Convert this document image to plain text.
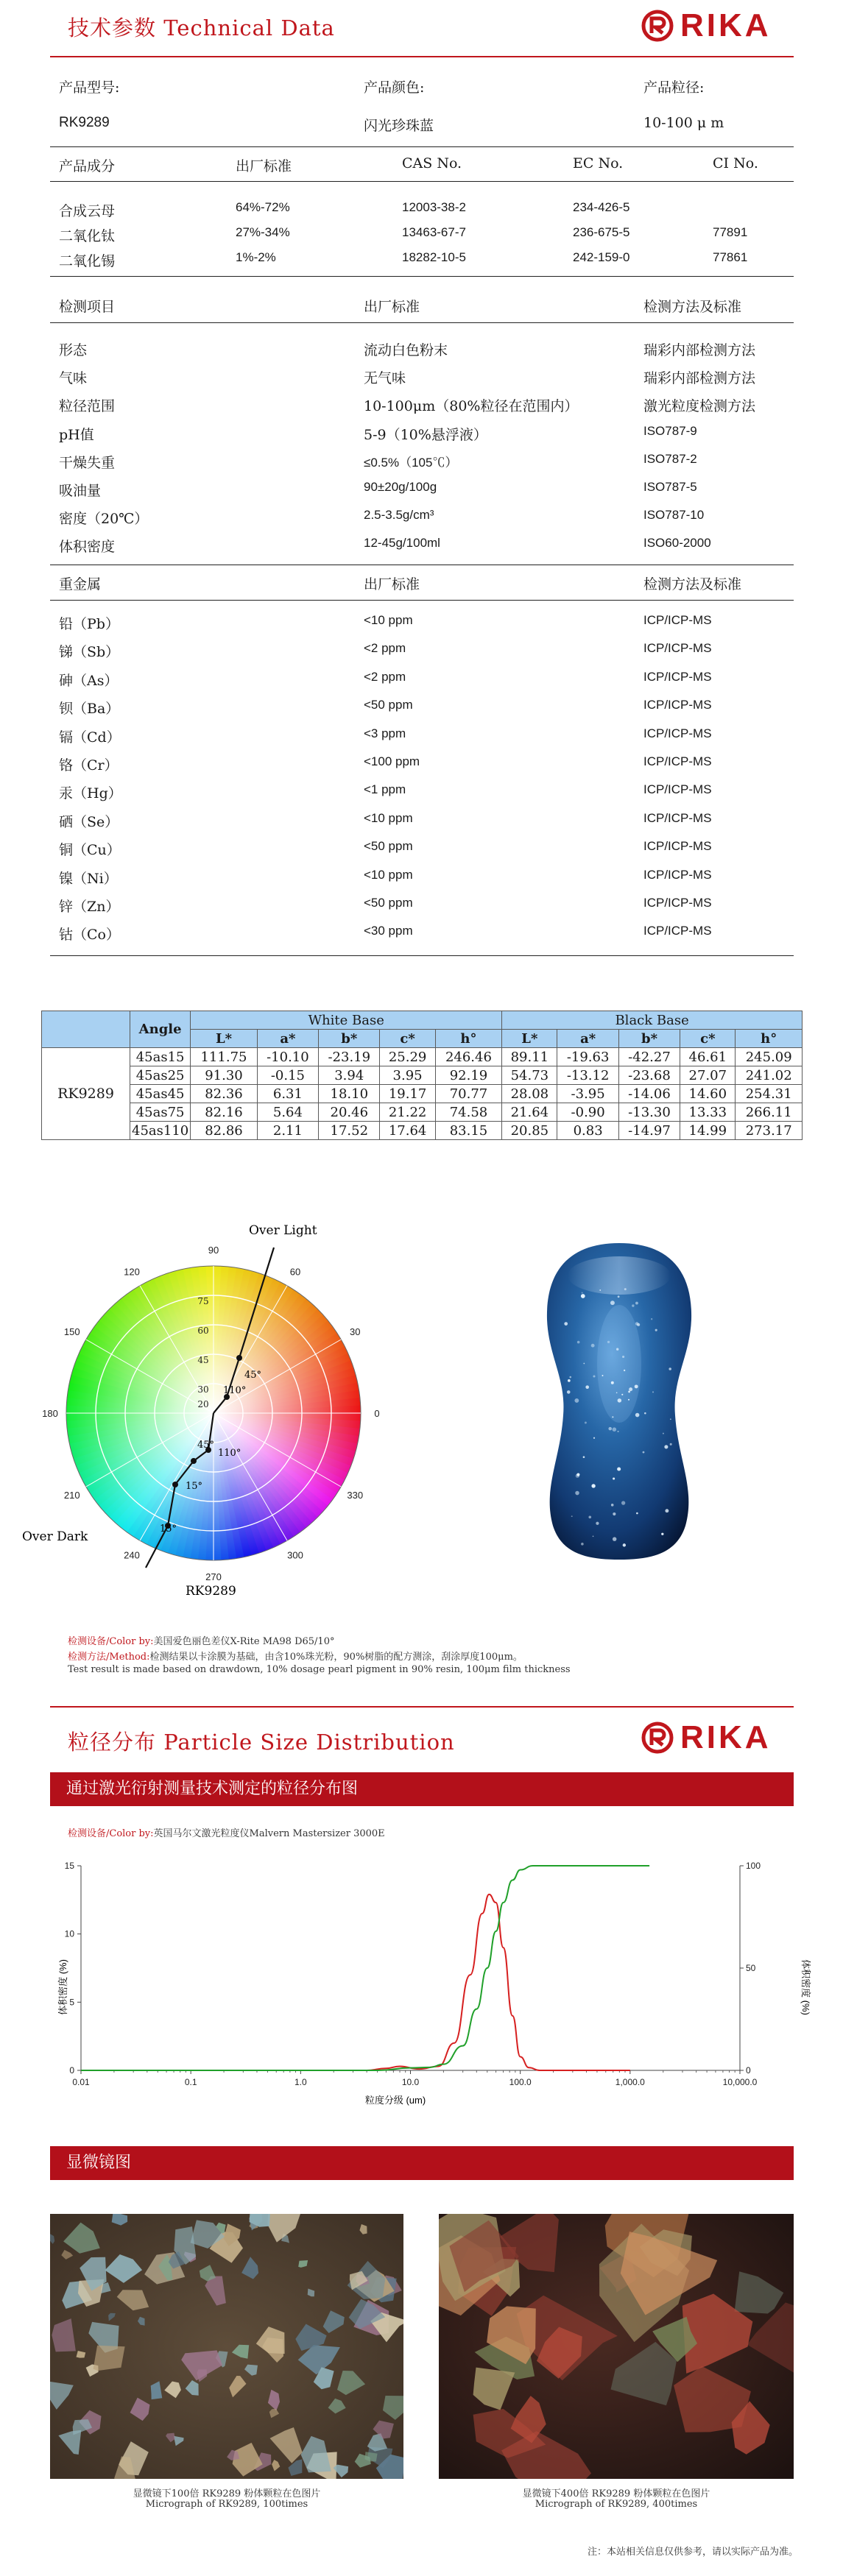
技术参数 Technical Data	RIKA
产品型号:	产品颜色:	产品粒径:
RK9289	闪光珍珠蓝	10-100 μ m
产品成分	出厂标准	CAS No.	EC No.	CI No.
合成云母	64%-72%	12003-38-2	234-426-5
二氧化钛	27%-34%	13463-67-7	236-675-5	77891
二氧化锡	1%-2%	18282-10-5	242-159-0	77861
检测项目	出厂标准	检测方法及标准
形态	流动白色粉末	瑞彩内部检测方法
气味	无气味	瑞彩内部检测方法
粒径范围	10-100μm（80%粒径在范围内）	激光粒度检测方法
pH值	5-9（10%悬浮液）	ISO787-9
干燥失重	≤0.5%（105℃）	ISO787-2
吸油量	90±20g/100g	ISO787-5
密度（20℃）	2.5-3.5g/cm³	ISO787-10
体积密度	12-45g/100ml	ISO60-2000
重金属	出厂标准	检测方法及标准
铅（Pb）	<10 ppm	ICP/ICP-MS
锑（Sb）	<2 ppm	ICP/ICP-MS
砷（As）	<2 ppm	ICP/ICP-MS
钡（Ba）	<50 ppm	ICP/ICP-MS
镉（Cd）	<3 ppm	ICP/ICP-MS
铬（Cr）	<100 ppm	ICP/ICP-MS
汞（Hg）	<1 ppm	ICP/ICP-MS
硒（Se）	<10 ppm	ICP/ICP-MS
铜（Cu）	<50 ppm	ICP/ICP-MS
镍（Ni）	<10 ppm	ICP/ICP-MS
锌（Zn）	<50 ppm	ICP/ICP-MS
钴（Co）	<30 ppm	ICP/ICP-MS
	Angle	White Base					Black Base				
		L*	a*	b*	c*	h°	L*	a*	b*	c*	h°
RK9289	45as15	111.75	-10.10	-23.19	25.29	246.46	89.11	-19.63	-42.27	46.61	245.09
	45as25	91.30	-0.15	3.94	3.95	92.19	54.73	-13.12	-23.68	27.07	241.02
	45as45	82.36	6.31	18.10	19.17	70.77	28.08	-3.95	-14.06	14.60	254.31
	45as75	82.16	5.64	20.46	21.22	74.58	21.64	-0.90	-13.30	13.33	266.11
	45as110	82.86	2.11	17.52	17.64	83.15	20.85	0.83	-14.97	14.99	273.17
90
60
30
0
330
300
270
240
210
180
150
120
75
60
45
30
20
45°
110°
45°
110°
15°
15°
Over Light
Over Dark
RK9289
检测设备/Color by:美国爱色丽色差仪X-Rite MA98 D65/10°
检测方法/Method:检测结果以卡涂膜为基础，由含10%珠光粉，90%树脂的配方测涂，刮涂厚度100μm。
Test result is made based on drawdown, 10% dosage pearl pigment in 90% resin, 100μm film thickness
粒径分布 Particle Size Distribution	RIKA
通过激光衍射测量技术测定的粒径分布图
检测设备/Color by:英国马尔文激光粒度仪Malvern Mastersizer 3000E
0.01	0.1	1.0	10.0	100.0	1,000.0	10,000.0
0
5
10
15
0
50
100
粒度分级 (um)
体积密度 (%)	体积密度 (%)
显微镜图
显微镜下100倍 RK9289 粉体颗粒在色图片
Micrograph of RK9289, 100times
显微镜下400倍 RK9289 粉体颗粒在色图片
Micrograph of RK9289, 400times
注：本站相关信息仅供参考，请以实际产品为准。
